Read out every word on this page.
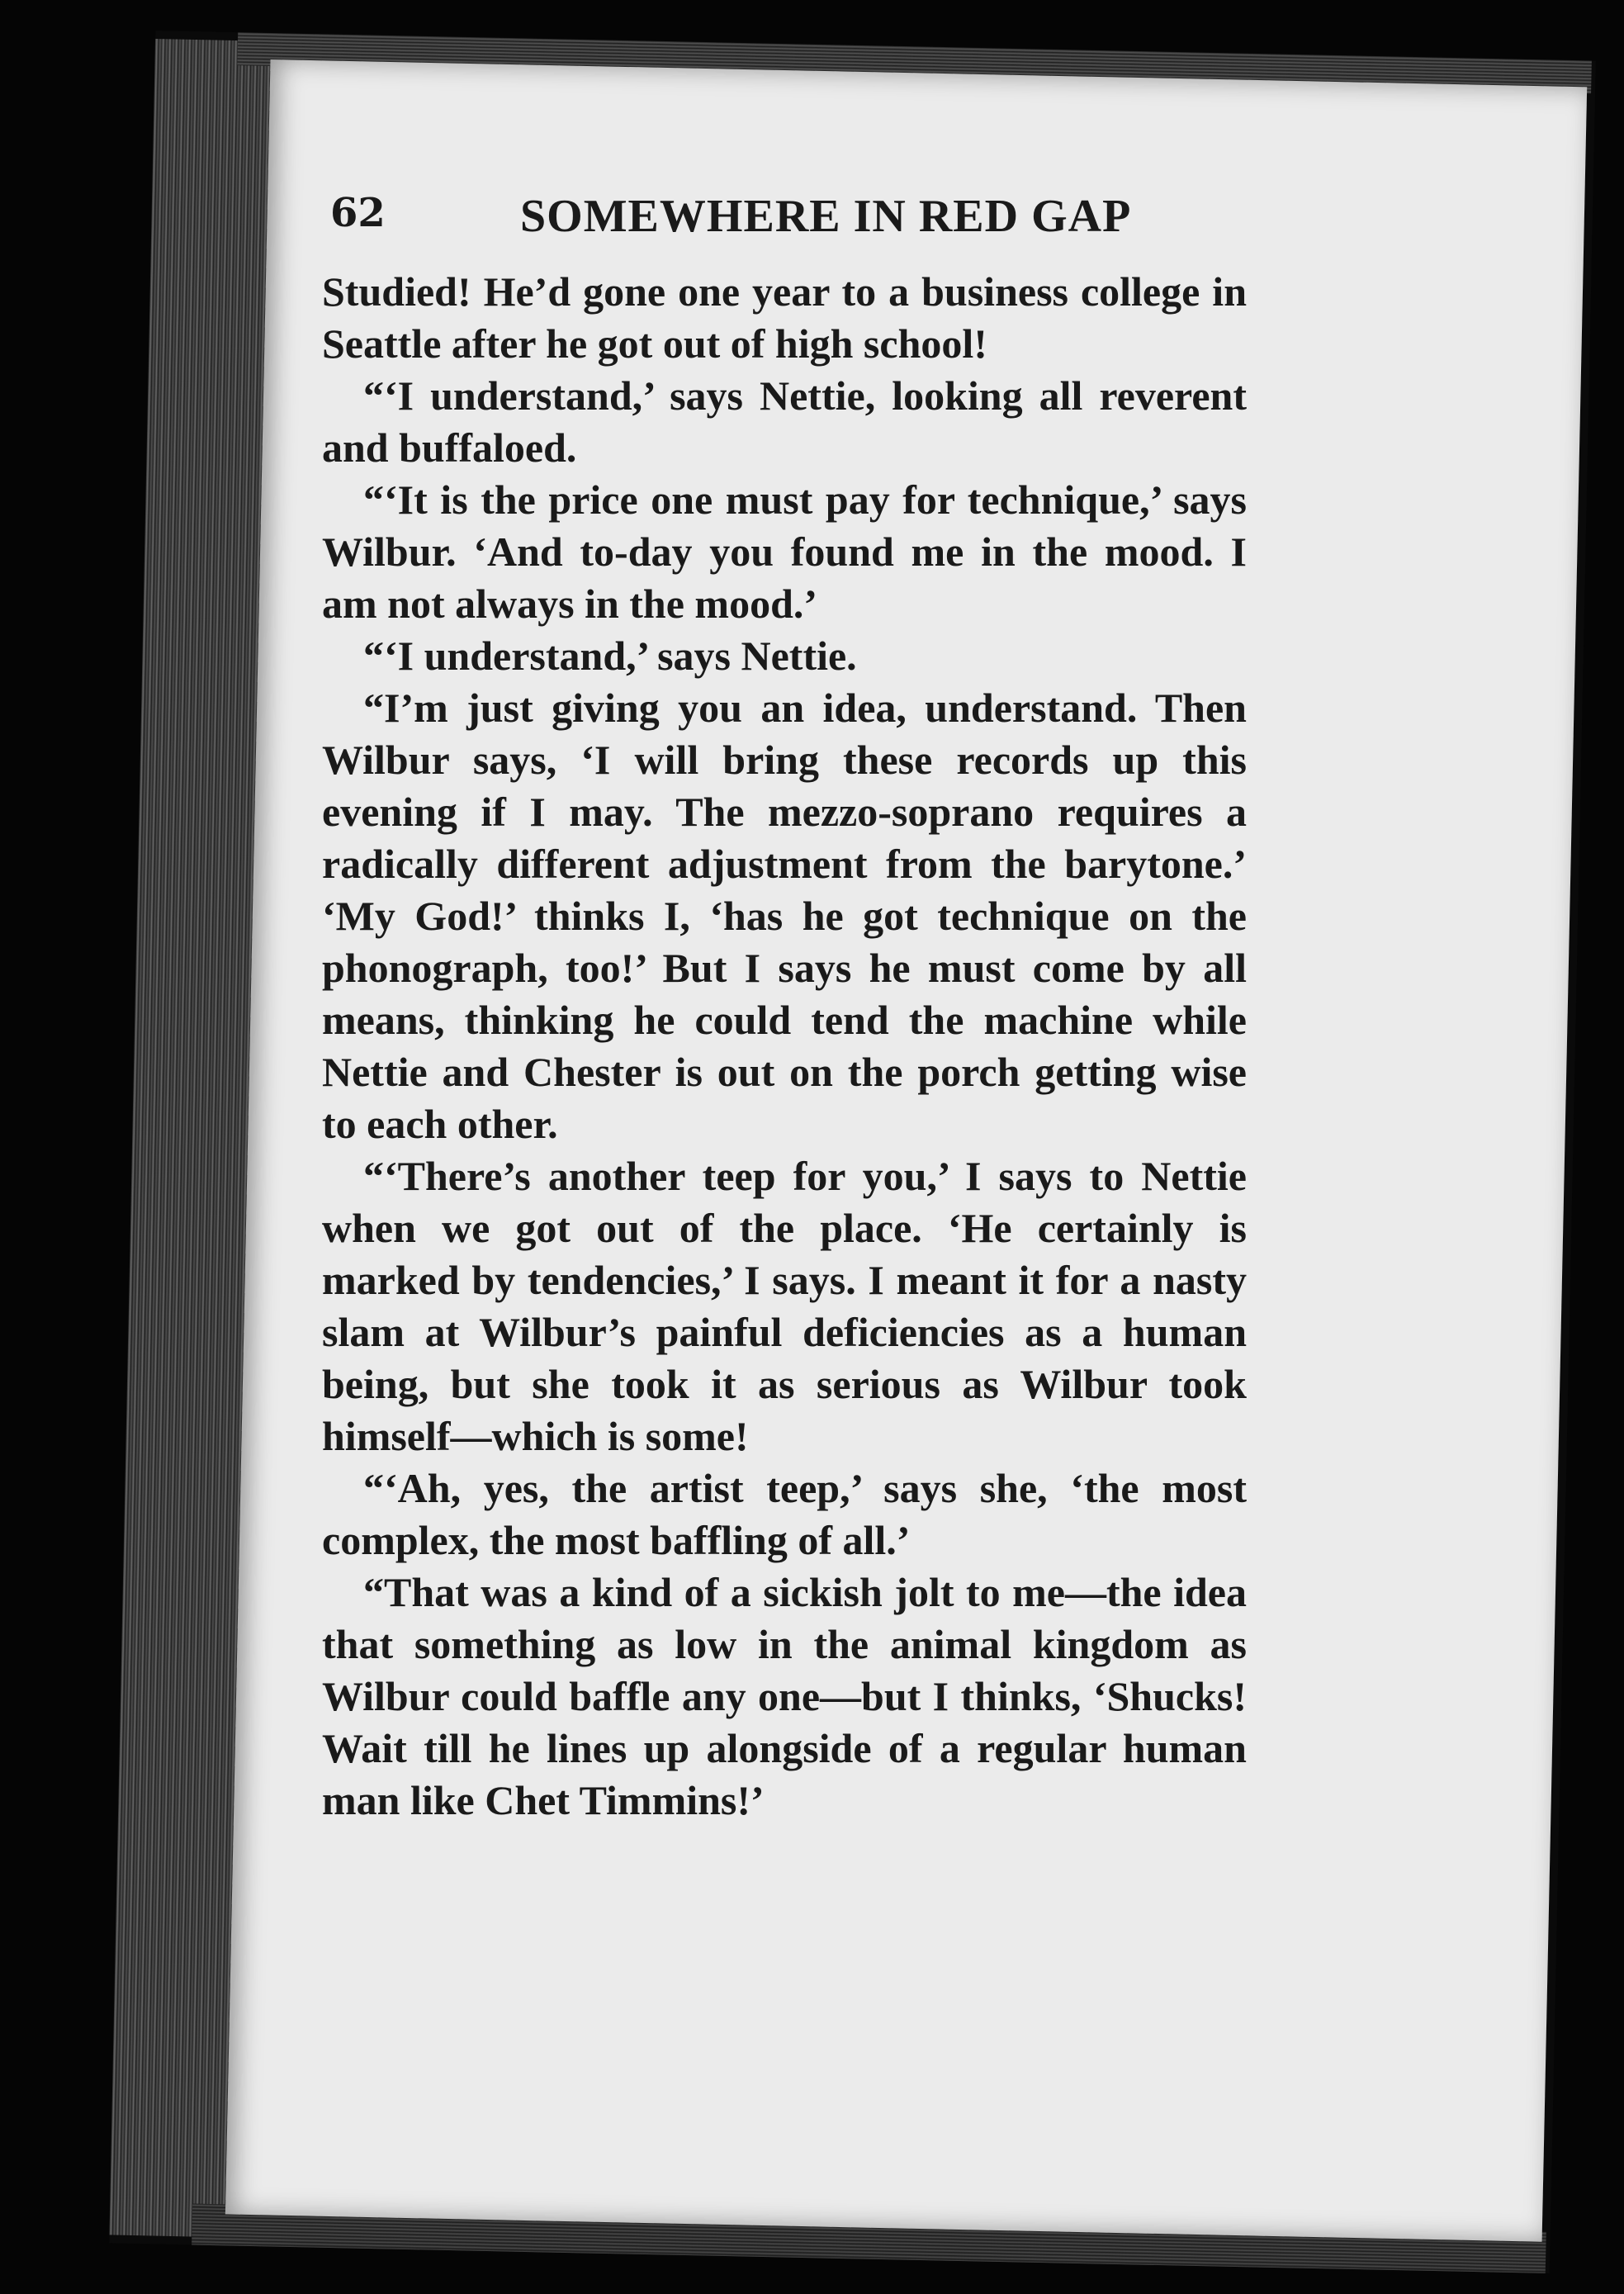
62	SOMEWHERE IN RED GAP

Studied! He’d gone one year to a business college in Seattle after he got out of high school!

“‘I understand,’ says Nettie, looking all reverent and buffaloed.

“‘It is the price one must pay for technique,’ says Wilbur. ‘And to-day you found me in the mood. I am not always in the mood.’

“‘I understand,’ says Nettie.

“I’m just giving you an idea, understand. Then Wilbur says, ‘I will bring these records up this evening if I may. The mezzo-soprano requires a radically different adjustment from the barytone.’ ‘My God!’ thinks I, ‘has he got technique on the phonograph, too!’ But I says he must come by all means, thinking he could tend the machine while Nettie and Chester is out on the porch getting wise to each other.

“‘There’s another teep for you,’ I says to Nettie when we got out of the place. ‘He certainly is marked by tendencies,’ I says. I meant it for a nasty slam at Wilbur’s painful deficiencies as a human being, but she took it as serious as Wilbur took himself—which is some!

“‘Ah, yes, the artist teep,’ says she, ‘the most complex, the most baffling of all.’

“That was a kind of a sickish jolt to me—the idea that something as low in the animal kingdom as Wilbur could baffle any one—but I thinks, ‘Shucks! Wait till he lines up alongside of a regular human man like Chet Timmins!’
